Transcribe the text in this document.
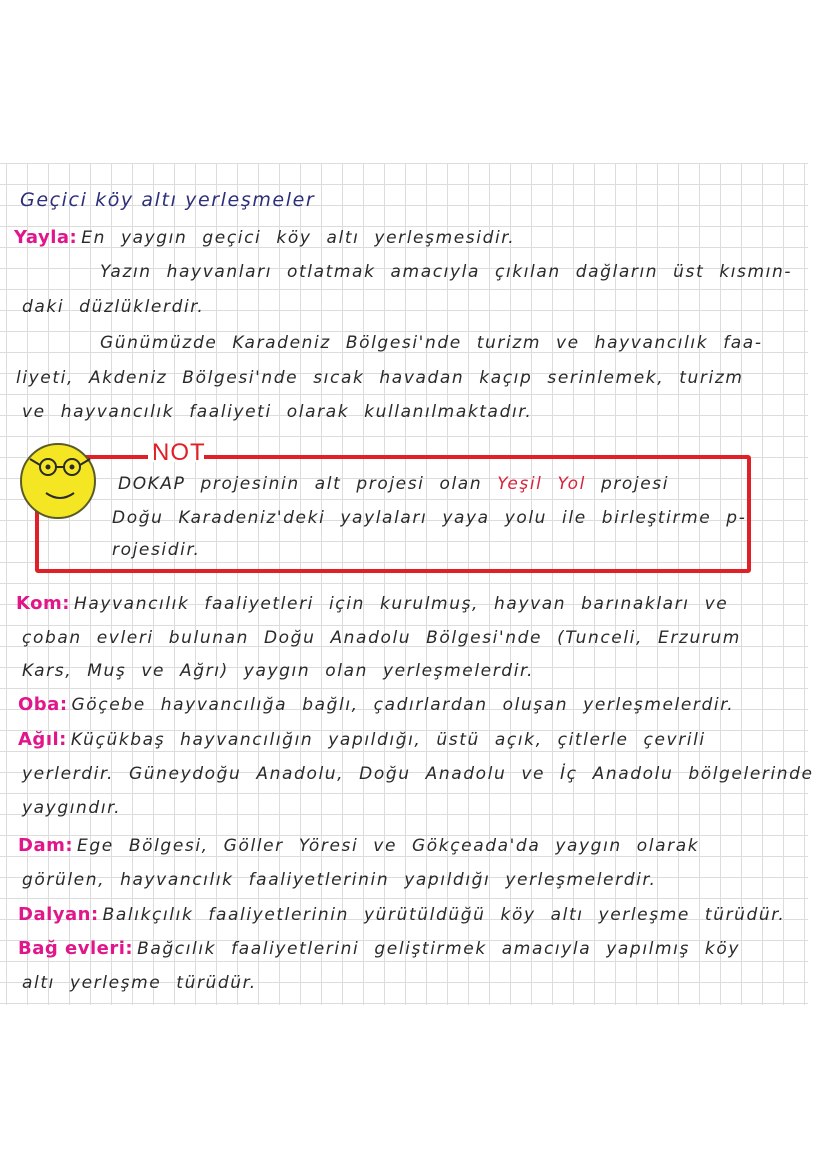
Geçici köy altı yerleşmeler
Yayla: En yaygın geçici köy altı yerleşmesidir.
Yazın hayvanları otlatmak amacıyla çıkılan dağların üst kısmın-
daki düzlüklerdir.
Günümüzde Karadeniz Bölgesi'nde turizm ve hayvancılık faa-
liyeti, Akdeniz Bölgesi'nde sıcak havadan kaçıp serinlemek, turizm
ve hayvancılık faaliyeti olarak kullanılmaktadır.
NOT
DOKAP projesinin alt projesi olan Yeşil Yol projesi
Doğu Karadeniz'deki yaylaları yaya yolu ile birleştirme p-
rojesidir.
Kom: Hayvancılık faaliyetleri için kurulmuş, hayvan barınakları ve
çoban evleri bulunan Doğu Anadolu Bölgesi'nde (Tunceli, Erzurum
Kars, Muş ve Ağrı) yaygın olan yerleşmelerdir.
Oba: Göçebe hayvancılığa bağlı, çadırlardan oluşan yerleşmelerdir.
Ağıl: Küçükbaş hayvancılığın yapıldığı, üstü açık, çitlerle çevrili
yerlerdir. Güneydoğu Anadolu, Doğu Anadolu ve İç Anadolu bölgelerinde
yaygındır.
Dam: Ege Bölgesi, Göller Yöresi ve Gökçeada'da yaygın olarak
görülen, hayvancılık faaliyetlerinin yapıldığı yerleşmelerdir.
Dalyan: Balıkçılık faaliyetlerinin yürütüldüğü köy altı yerleşme türüdür.
Bağ evleri: Bağcılık faaliyetlerini geliştirmek amacıyla yapılmış köy
altı yerleşme türüdür.
